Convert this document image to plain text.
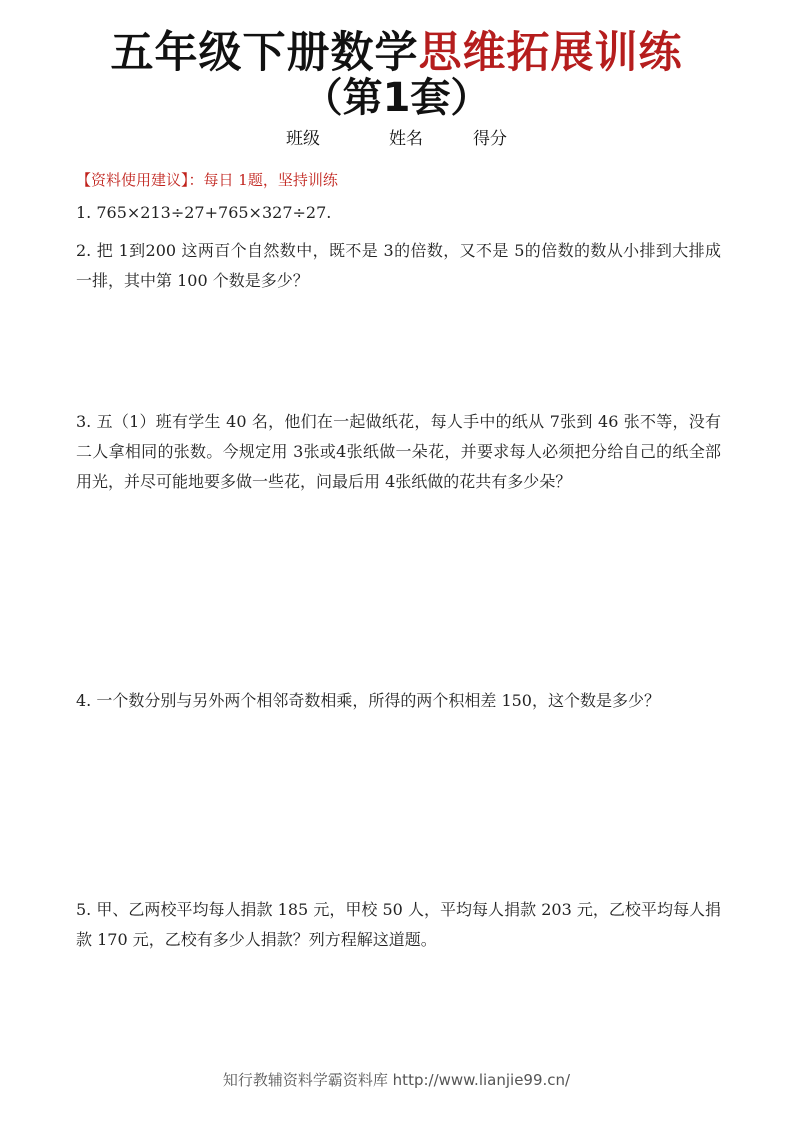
五年级下册数学思维拓展训练
（第1套）
班级	姓名	得分
【资料使用建议】：每日 1题，坚持训练
1. 765×213÷27+765×327÷27.
2. 把 1到200 这两百个自然数中，既不是 3的倍数，又不是 5的倍数的数从小排到大排成一排，其中第 100 个数是多少？
3. 五（1）班有学生 40 名，他们在一起做纸花，每人手中的纸从 7张到 46 张不等，没有二人拿相同的张数。今规定用 3张或4张纸做一朵花，并要求每人必须把分给自己的纸全部用光，并尽可能地要多做一些花，问最后用 4张纸做的花共有多少朵？
4. 一个数分别与另外两个相邻奇数相乘，所得的两个积相差 150，这个数是多少？
5. 甲、乙两校平均每人捐款 185 元，甲校 50 人，平均每人捐款 203 元，乙校平均每人捐款 170 元，乙校有多少人捐款？列方程解这道题。
知行教辅资料学霸资料库 http://www.lianjie99.cn/
